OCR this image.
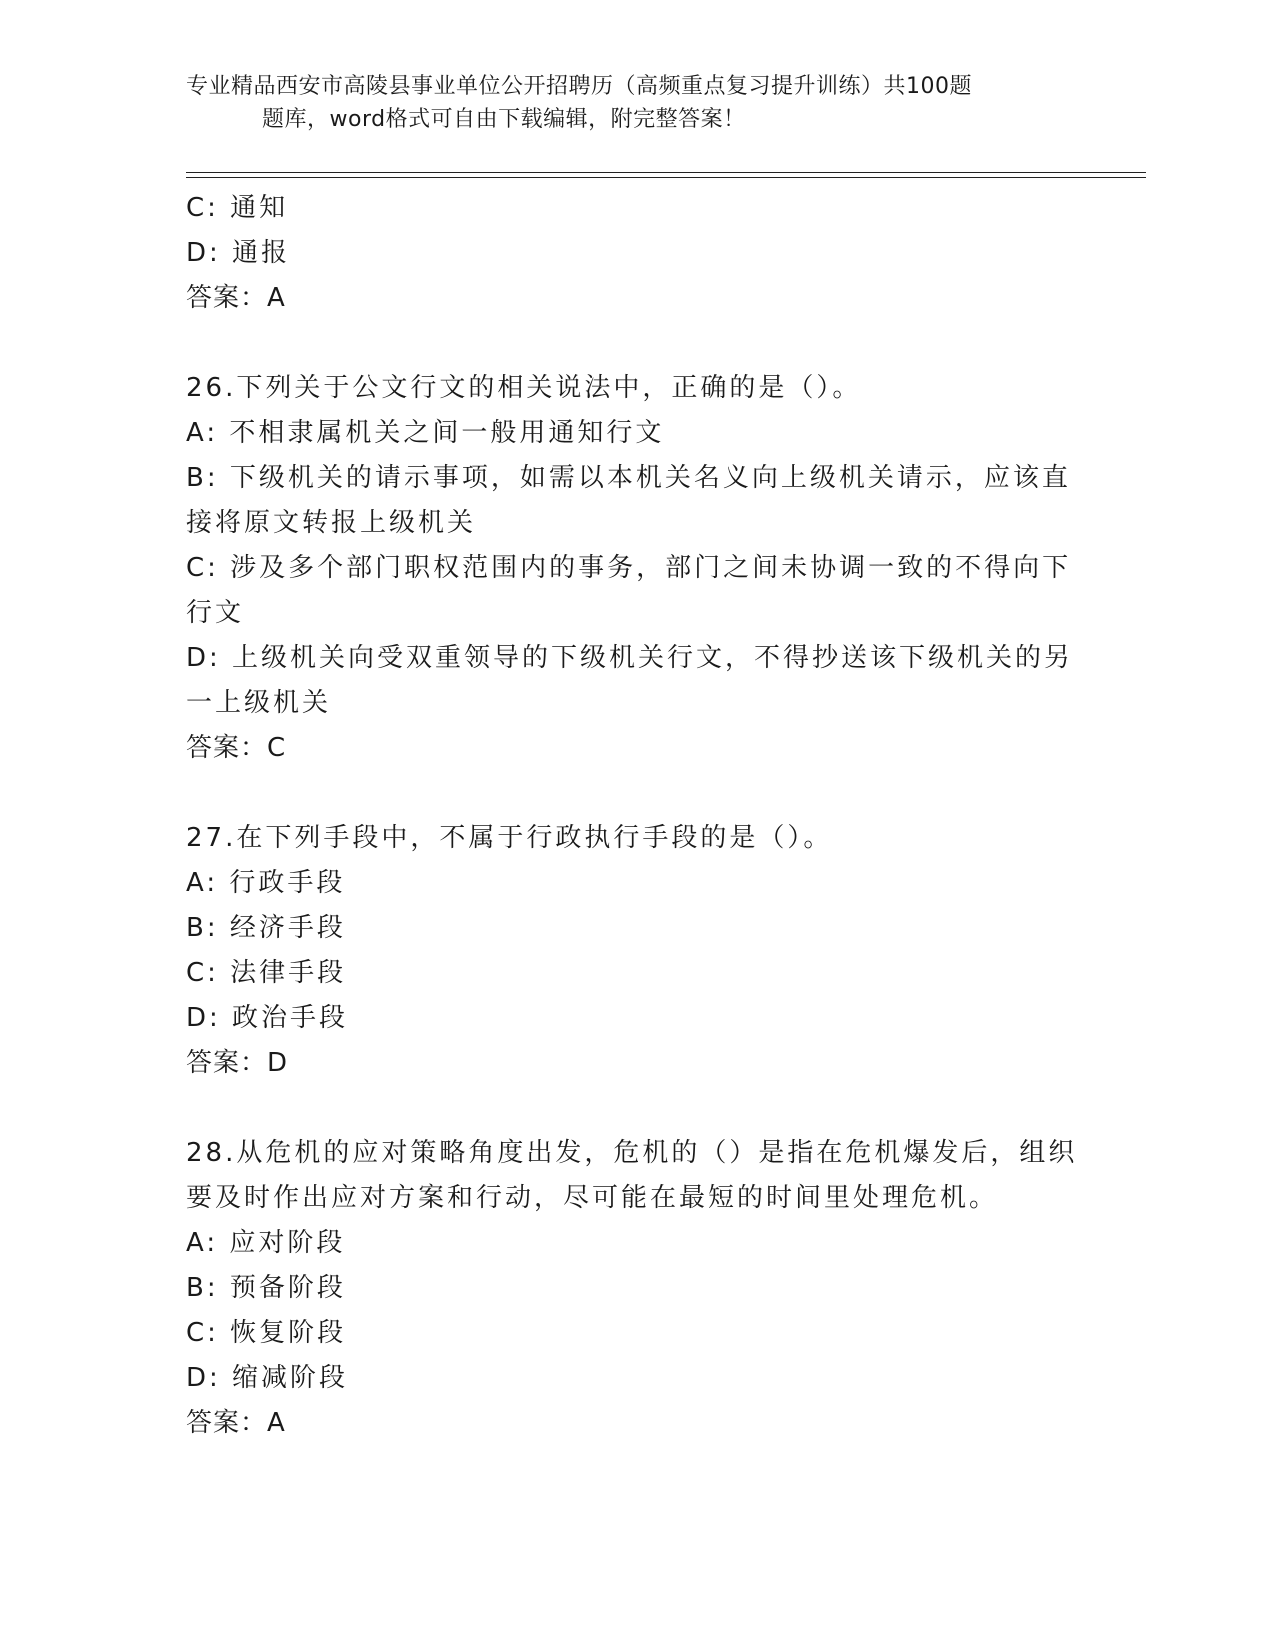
专业精品西安市高陵县事业单位公开招聘历（高频重点复习提升训练）共100题
题库，word格式可自由下载编辑，附完整答案！

C: 通知

D: 通报

答案：A

26.下列关于公文行文的相关说法中，正确的是（）。

A: 不相隶属机关之间一般用通知行文

B: 下级机关的请示事项，如需以本机关名义向上级机关请示，应该直

接将原文转报上级机关

C: 涉及多个部门职权范围内的事务，部门之间未协调一致的不得向下

行文

D: 上级机关向受双重领导的下级机关行文，不得抄送该下级机关的另

一上级机关

答案：C

27.在下列手段中，不属于行政执行手段的是（）。

A: 行政手段

B: 经济手段

C: 法律手段

D: 政治手段

答案：D

28.从危机的应对策略角度出发，危机的（）是指在危机爆发后，组织

要及时作出应对方案和行动，尽可能在最短的时间里处理危机。

A: 应对阶段

B: 预备阶段

C: 恢复阶段

D: 缩减阶段

答案：A
